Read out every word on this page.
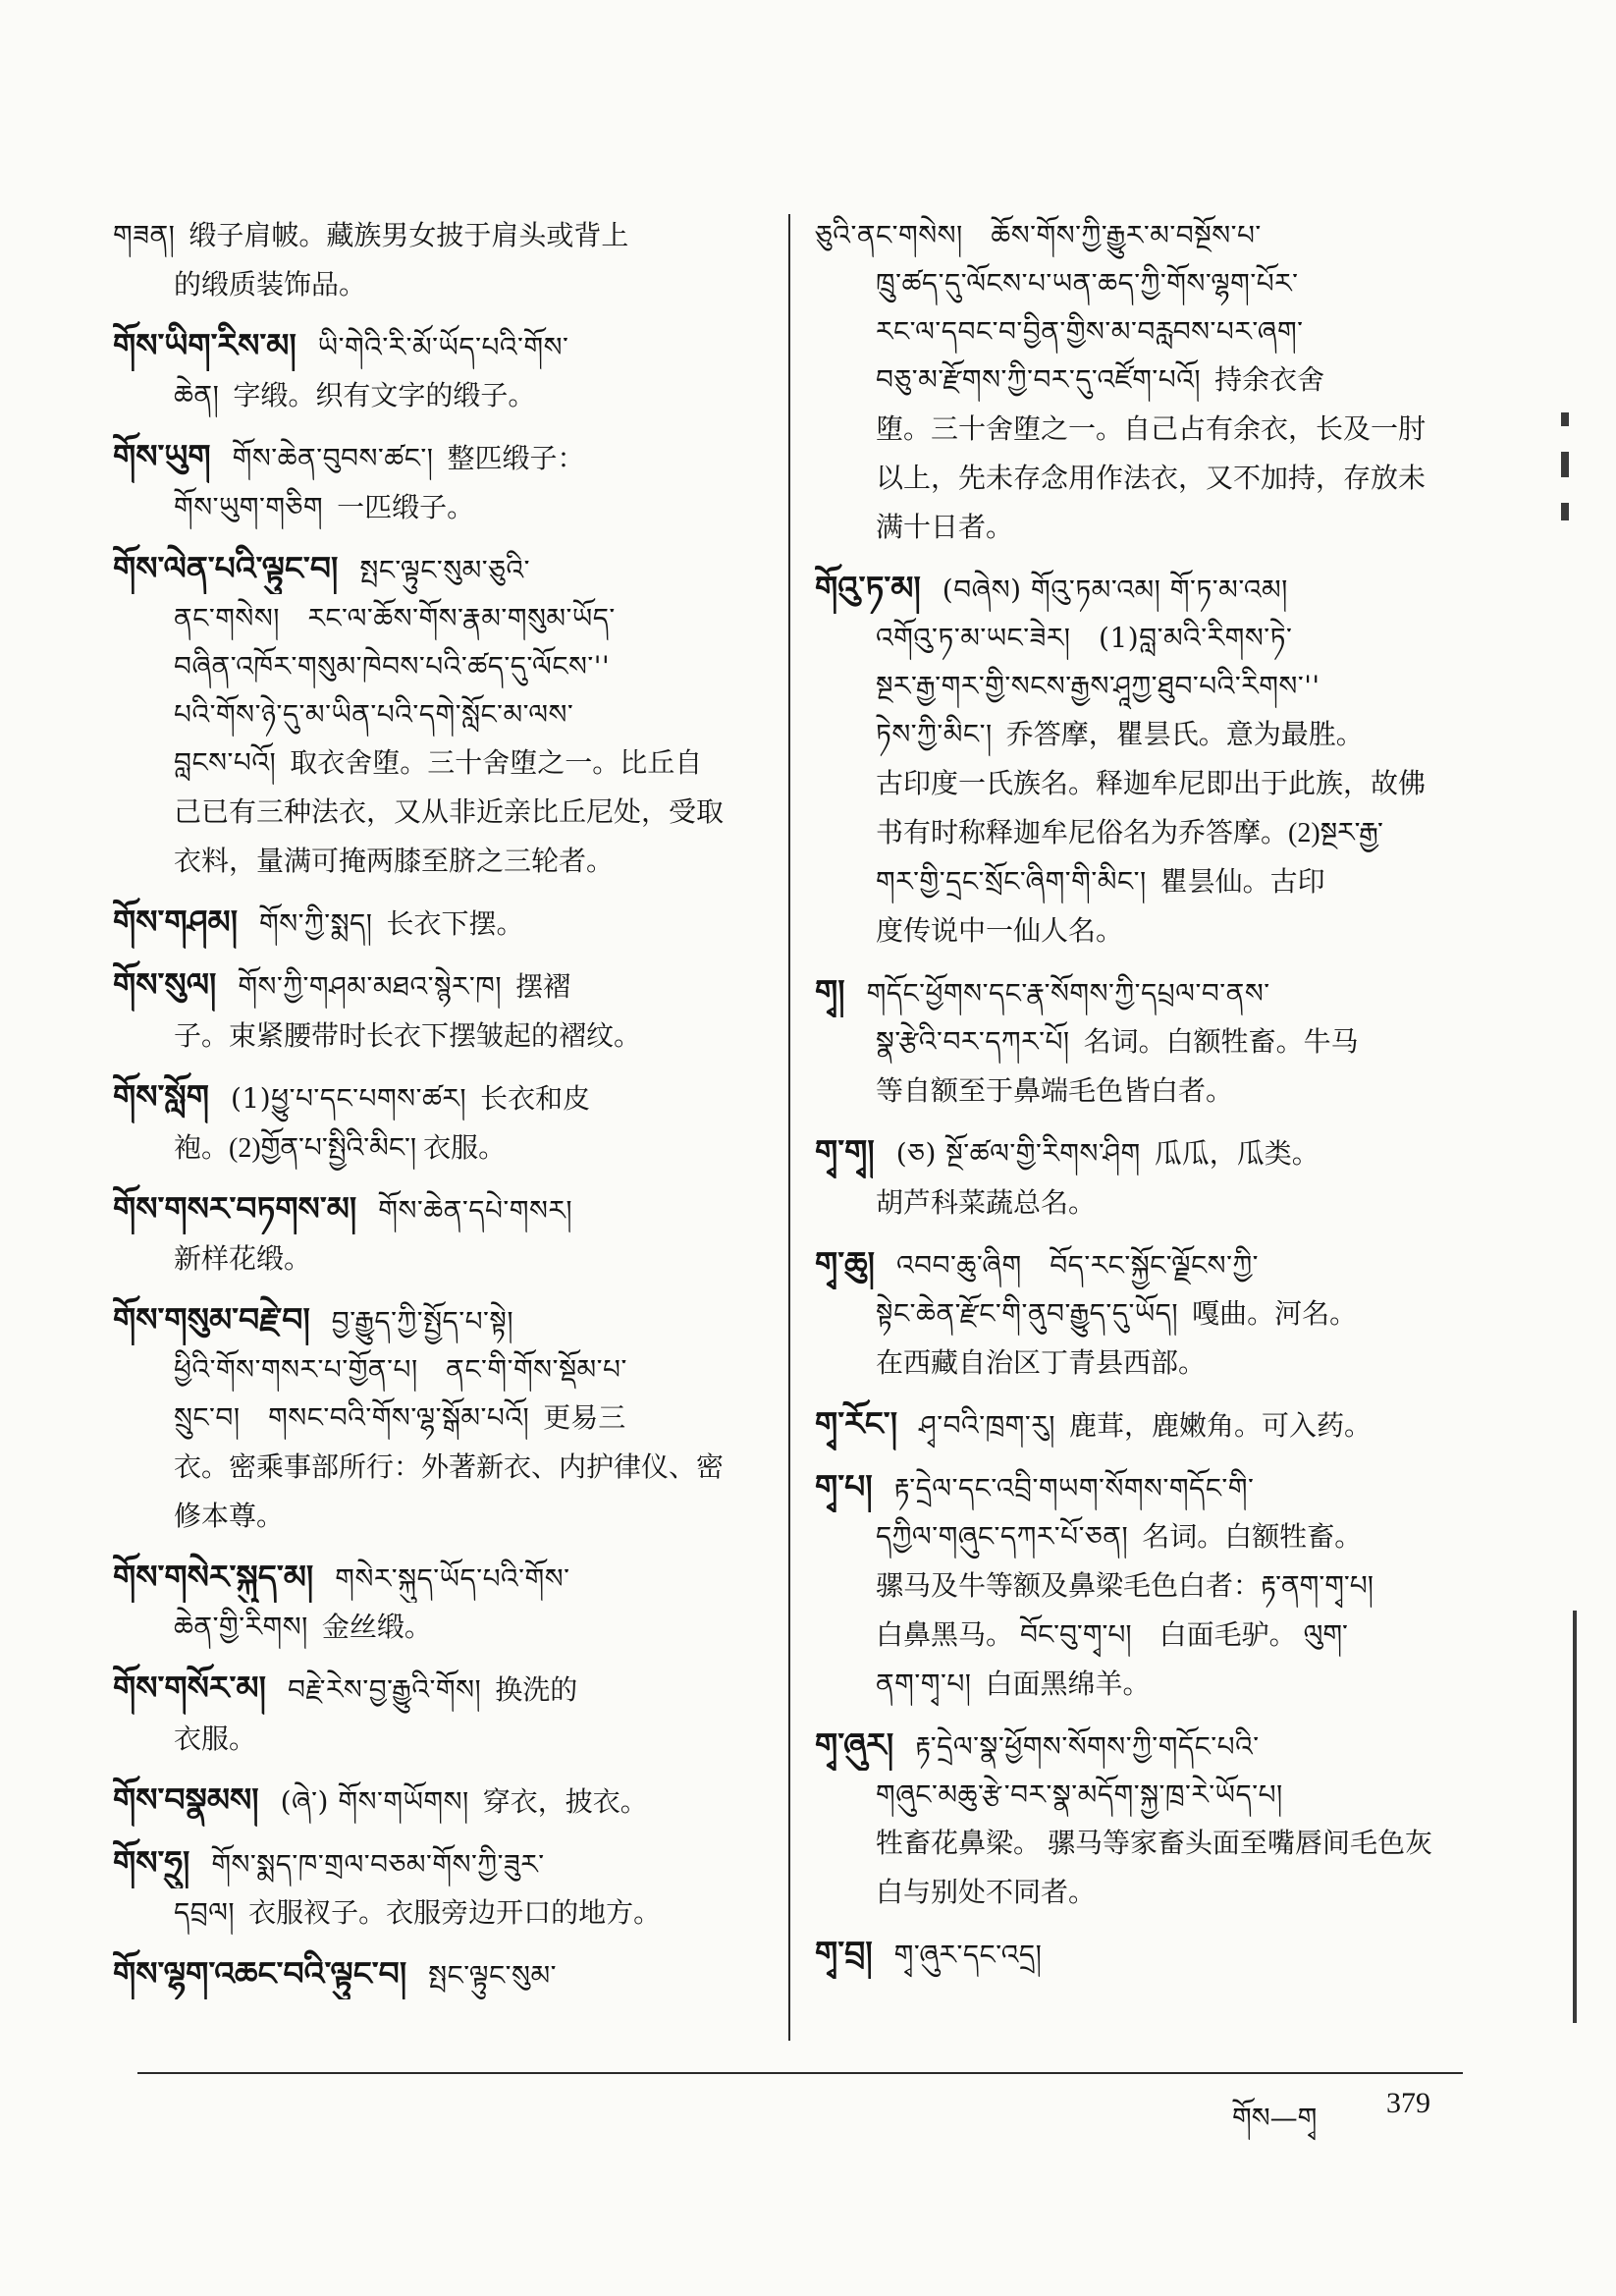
གཟན། 缎子肩帔。藏族男女披于肩头或背上
的缎质装饰品。
གོས་ཡིག་རིས་མ། ཡི་གེའི་རི་མོ་ཡོད་པའི་གོས་
ཆེན། 字缎。织有文字的缎子。
གོས་ཡུག གོས་ཆེན་བུབས་ཚང་། 整匹缎子：
གོས་ཡུག་གཅིག 一匹缎子。
གོས་ལེན་པའི་ལྟུང་བ། སྤང་ལྟུང་སུམ་ཅུའི་
ནང་གསེས།　རང་ལ་ཆོས་གོས་རྣམ་གསུམ་ཡོད་
བཞིན་འཁོར་གསུམ་ཁེབས་པའི་ཚད་དུ་ལོངས་''
པའི་གོས་ཉེ་དུ་མ་ཡིན་པའི་དགེ་སློང་མ་ལས་
བླངས་པའོ། 取衣舍堕。三十舍堕之一。比丘自
己已有三种法衣，又从非近亲比丘尼处，受取
衣料，量满可掩两膝至脐之三轮者。
གོས་གཤམ། གོས་ཀྱི་སྨད། 长衣下摆。
གོས་སུལ། གོས་ཀྱི་གཤམ་མཐའ་སྙེར་ཁ། 摆褶
子。束紧腰带时长衣下摆皱起的褶纹。
གོས་སློག (1)ཕྱུ་པ་དང་པགས་ཚར། 长衣和皮
袍。(2)གྱོན་པ་སྤྱིའི་མིང་། 衣服。
གོས་གསར་བཏགས་མ། གོས་ཆེན་དཔེ་གསར།
新样花缎。
གོས་གསུམ་བརྗེ་བ། བྱ་རྒྱུད་ཀྱི་སྤྱོད་པ་སྟེ།
ཕྱིའི་གོས་གསར་པ་གྱོན་པ།　ནང་གི་གོས་སྡོམ་པ་
སྲུང་བ།　གསང་བའི་གོས་ལྷ་སྒོམ་པའོ། 更易三
衣。密乘事部所行：外著新衣、内护律仪、密
修本尊。
གོས་གསེར་སྐུད་མ། གསེར་སྐུད་ཡོད་པའི་གོས་
ཆེན་གྱི་རིགས། 金丝缎。
གོས་གསོར་མ། བརྗེ་རེས་བྱ་རྒྱུའི་གོས། 换洗的
衣服。
གོས་བསྣམས། (ཞེ་) གོས་གཡོགས། 穿衣，披衣。
གོས་ཧྲུ། གོས་སྨད་ཁ་གྲལ་བཅམ་གོས་ཀྱི་ཟུར་
དབྲལ། 衣服衩子。衣服旁边开口的地方。
གོས་ལྷག་འཆང་བའི་ལྟུང་བ། སྤང་ལྟུང་སུམ་
ཅུའི་ནང་གསེས།　ཆོས་གོས་ཀྱི་རྒྱུར་མ་བསྔོས་པ་
ཁྲུ་ཚད་དུ་ལོངས་པ་ཡན་ཆད་ཀྱི་གོས་ལྷག་པོར་
རང་ལ་དབང་བ་བྱིན་གྱིས་མ་བརླབས་པར་ཞག་
བཅུ་མ་རྫོགས་ཀྱི་བར་དུ་འཛོག་པའོ། 持余衣舍
堕。三十舍堕之一。自己占有余衣，长及一肘
以上，先未存念用作法衣，又不加持，存放未
满十日者。
གོའུ་ཏ་མ། (བཞེས) གོའུ་ཏམ་འམ། གོ་ཏ་མ་འམ།
འགོའུ་ཏ་མ་ཡང་ཟེར།　(1)བླ་མའི་རིགས་ཏེ་
སྔར་རྒྱ་གར་གྱི་སངས་རྒྱས་ཤཱཀྱ་ཐུབ་པའི་རིགས་''
ཏེས་ཀྱི་མིང་། 乔答摩，瞿昙氏。意为最胜。
古印度一氏族名。释迦牟尼即出于此族，故佛
书有时称释迦牟尼俗名为乔答摩。(2)སྔར་རྒྱ་
གར་གྱི་དྲང་སྲོང་ཞིག་གི་མིང་། 瞿昙仙。古印
度传说中一仙人名。
གྭ། གདོང་ཕྱོགས་དང་རྣ་སོགས་ཀྱི་དཔྲལ་བ་ནས་
སྣ་རྩེའི་བར་དཀར་པོ། 名词。白额牲畜。牛马
等自额至于鼻端毛色皆白者。
གྭ་གྭ། (ཅ) སྔོ་ཚལ་གྱི་རིགས་ཤིག 瓜瓜，瓜类。
胡芦科菜蔬总名。
གྭ་ཆུ། འབབ་ཆུ་ཞིག　བོད་རང་སྐྱོང་ལྗོངས་ཀྱི་
སྟེང་ཆེན་རྫོང་གི་ནུབ་རྒྱུད་དུ་ཡོད། 嘎曲。河名。
在西藏自治区丁青县西部。
གྭ་རོང་། ཤྭ་བའི་ཁྲག་རུ། 鹿茸，鹿嫩角。可入药。
གྭ་པ། རྟ་དྲེལ་དང་འབྲི་གཡག་སོགས་གདོང་གི་
དཀྱིལ་གཞུང་དཀར་པོ་ཅན། 名词。白额牲畜。
骡马及牛等额及鼻梁毛色白者：རྟ་ནག་གྭ་པ།
白鼻黑马。 བོང་བུ་གྭ་པ།　白面毛驴。 ལུག་
ནག་གྭ་པ། 白面黑绵羊。
གྭ་ཞུར། རྟ་དྲེལ་སྣ་ཕྱོགས་སོགས་ཀྱི་གདོང་པའི་
གཞུང་མཆུ་རྩེ་བར་སྣ་མདོག་སྐྱ་ཁྲ་རེ་ཡོད་པ།
牲畜花鼻梁。 骡马等家畜头面至嘴唇间毛色灰
白与别处不同者。
གྭ་བྲ། གྭ་ཞུར་དང་འདྲ།
གོས—གྭ 379
